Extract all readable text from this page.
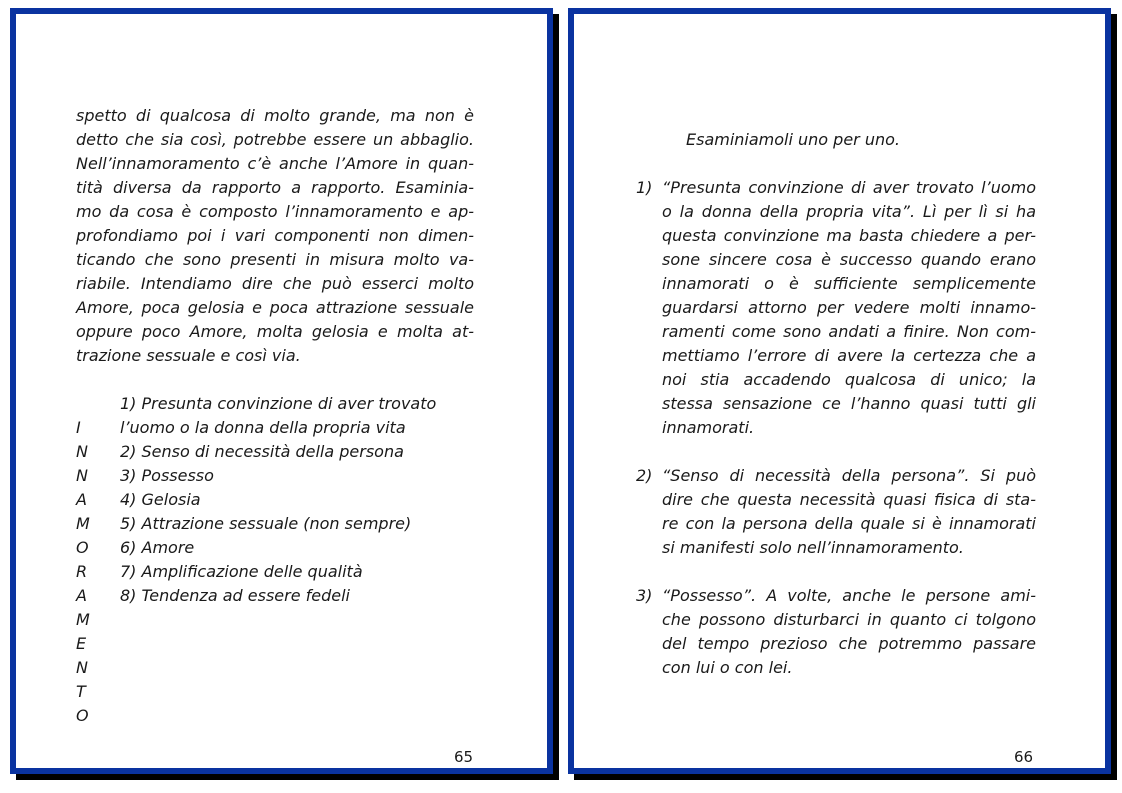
spetto di qualcosa di molto grande, ma non è
detto che sia così, potrebbe essere un abbaglio.
Nell’innamoramento c’è anche l’Amore in quan-
tità diversa da rapporto a rapporto. Esaminia-
mo da cosa è composto l’innamoramento e ap-
profondiamo poi i vari componenti non dimen-
ticando che sono presenti in misura molto va-
riabile. Intendiamo dire che può esserci molto
Amore, poca gelosia e poca attrazione sessuale
oppure poco Amore, molta gelosia e molta at-
trazione sessuale e così via.
I
N
N
A
M
O
R
A
M
E
N
T
O
1) Presunta convinzione di aver trovato
l’uomo o la donna della propria vita
2) Senso di necessità della persona
3) Possesso
4) Gelosia
5) Attrazione sessuale (non sempre)
6) Amore
7) Amplificazione delle qualità
8) Tendenza ad essere fedeli
65
Esaminiamoli uno per uno.
1) “Presunta convinzione di aver trovato l’uomo
o la donna della propria vita”. Lì per lì si ha
questa convinzione ma basta chiedere a per-
sone sincere cosa è successo quando erano
innamorati o è sufficiente semplicemente
guardarsi attorno per vedere molti innamo-
ramenti come sono andati a finire. Non com-
mettiamo l’errore di avere la certezza che a
noi stia accadendo qualcosa di unico; la
stessa sensazione ce l’hanno quasi tutti gli
innamorati.
2) “Senso di necessità della persona”. Si può
dire che questa necessità quasi fisica di sta-
re con la persona della quale si è innamorati
si manifesti solo nell’innamoramento.
3) “Possesso”. A volte, anche le persone ami-
che possono disturbarci in quanto ci tolgono
del tempo prezioso che potremmo passare
con lui o con lei.
66
